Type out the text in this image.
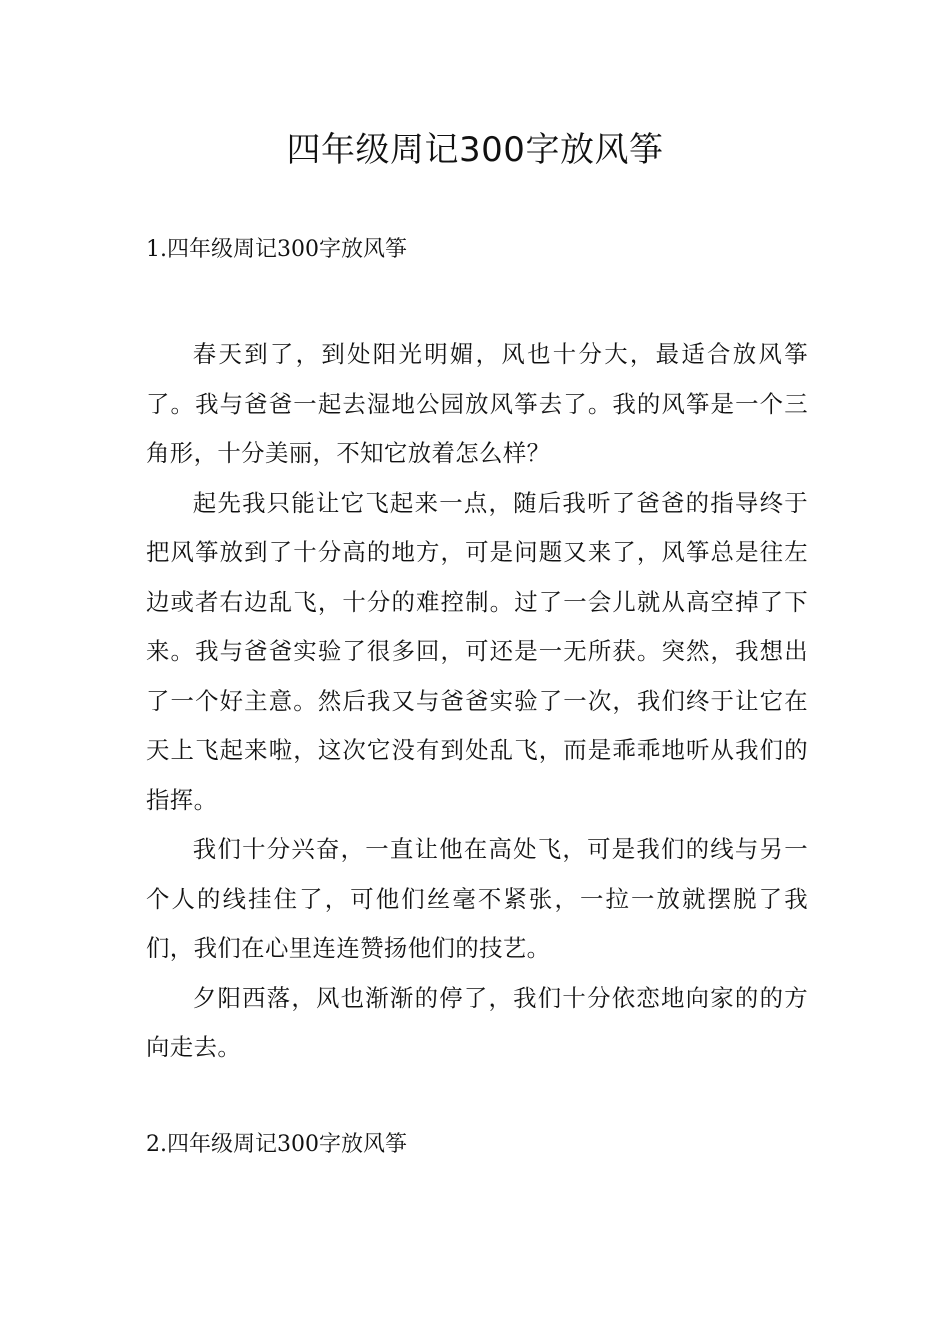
四年级周记300字放风筝
1.四年级周记300字放风筝

春天到了，到处阳光明媚，风也十分大，最适合放风筝了。我与爸爸一起去湿地公园放风筝去了。我的风筝是一个三角形，十分美丽，不知它放着怎么样？

起先我只能让它飞起来一点，随后我听了爸爸的指导终于把风筝放到了十分高的地方，可是问题又来了，风筝总是往左边或者右边乱飞，十分的难控制。过了一会儿就从高空掉了下来。我与爸爸实验了很多回，可还是一无所获。突然，我想出了一个好主意。然后我又与爸爸实验了一次，我们终于让它在天上飞起来啦，这次它没有到处乱飞，而是乖乖地听从我们的指挥。

我们十分兴奋，一直让他在高处飞，可是我们的线与另一个人的线挂住了，可他们丝毫不紧张，一拉一放就摆脱了我们，我们在心里连连赞扬他们的技艺。

夕阳西落，风也渐渐的停了，我们十分依恋地向家的的方向走去。

2.四年级周记300字放风筝
